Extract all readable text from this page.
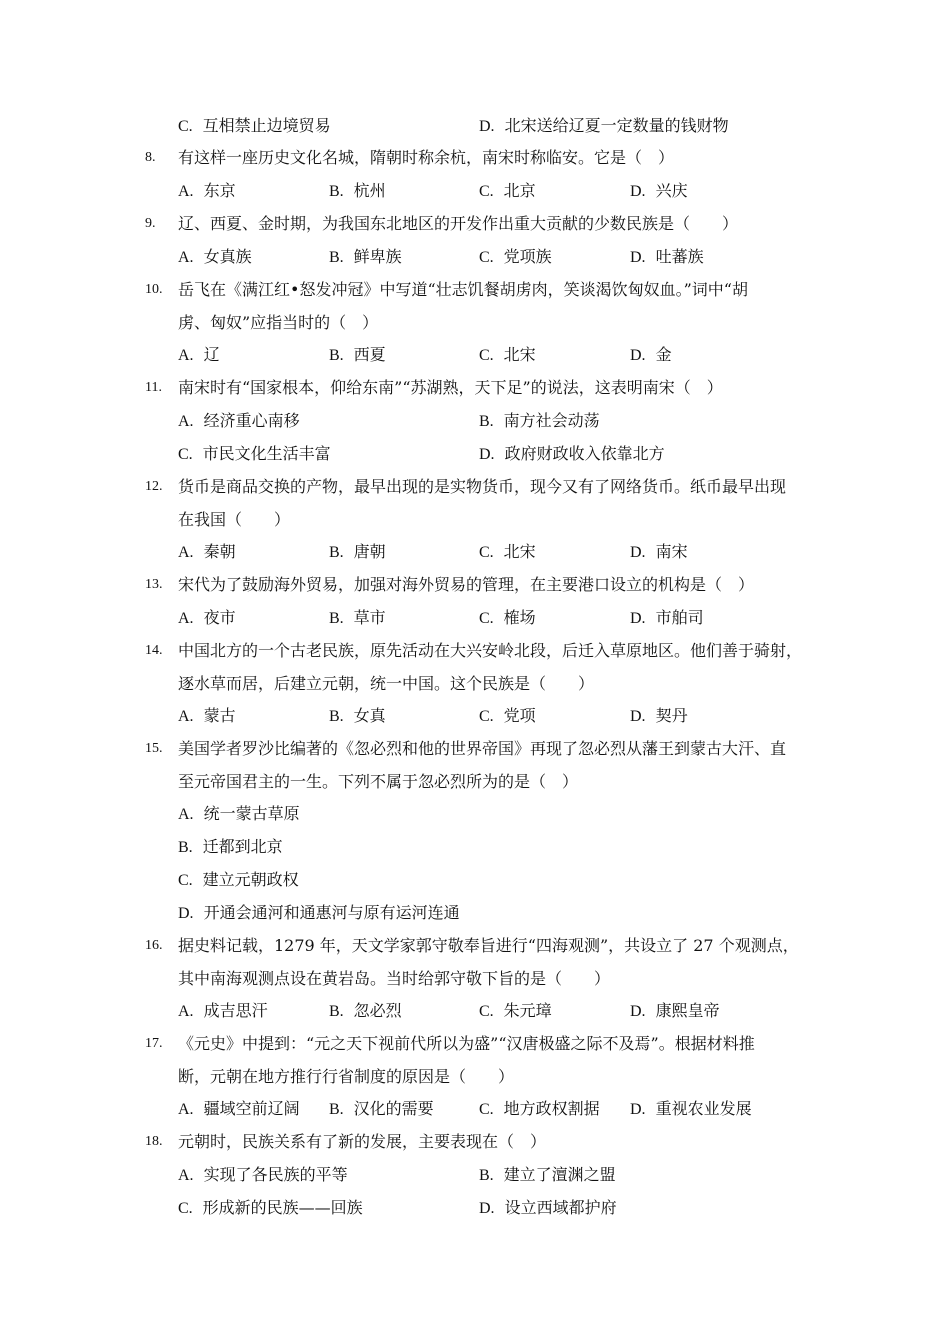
C. 互相禁止边境贸易	D. 北宋送给辽夏一定数量的钱财物
8. 有这样一座历史文化名城，隋朝时称余杭，南宋时称临安。它是（　）
A. 东京	B. 杭州	C. 北京	D. 兴庆
9. 辽、西夏、金时期，为我国东北地区的开发作出重大贡献的少数民族是（　　）
A. 女真族	B. 鲜卑族	C. 党项族	D. 吐蕃族
10. 岳飞在《满江红•怒发冲冠》中写道“壮志饥餐胡虏肉，笑谈渴饮匈奴血。”词中“胡
虏、匈奴”应指当时的（　）
A. 辽	B. 西夏	C. 北宋	D. 金
11. 南宋时有“国家根本，仰给东南”“苏湖熟，天下足”的说法，这表明南宋（　）
A. 经济重心南移	B. 南方社会动荡
C. 市民文化生活丰富	D. 政府财政收入依靠北方
12. 货币是商品交换的产物，最早出现的是实物货币，现今又有了网络货币。纸币最早出现
在我国（　　）
A. 秦朝	B. 唐朝	C. 北宋	D. 南宋
13. 宋代为了鼓励海外贸易，加强对海外贸易的管理，在主要港口设立的机构是（　）
A. 夜市	B. 草市	C. 榷场	D. 市舶司
14. 中国北方的一个古老民族，原先活动在大兴安岭北段，后迁入草原地区。他们善于骑射，
逐水草而居，后建立元朝，统一中国。这个民族是（　　）
A. 蒙古	B. 女真	C. 党项	D. 契丹
15. 美国学者罗沙比编著的《忽必烈和他的世界帝国》再现了忽必烈从藩王到蒙古大汗、直
至元帝国君主的一生。下列不属于忽必烈所为的是（　）
A. 统一蒙古草原
B. 迁都到北京
C. 建立元朝政权
D. 开通会通河和通惠河与原有运河连通
16. 据史料记载，1279 年，天文学家郭守敬奉旨进行“四海观测”，共设立了 27 个观测点，
其中南海观测点设在黄岩岛。当时给郭守敬下旨的是（　　）
A. 成吉思汗	B. 忽必烈	C. 朱元璋	D. 康熙皇帝
17. 《元史》中提到：“元之天下视前代所以为盛”“汉唐极盛之际不及焉”。根据材料推
断，元朝在地方推行行省制度的原因是（　　）
A. 疆域空前辽阔 B. 汉化的需要	C. 地方政权割据 D. 重视农业发展
18. 元朝时，民族关系有了新的发展，主要表现在（　）
A. 实现了各民族的平等	B. 建立了澶渊之盟
C. 形成新的民族——回族	D. 设立西域都护府
